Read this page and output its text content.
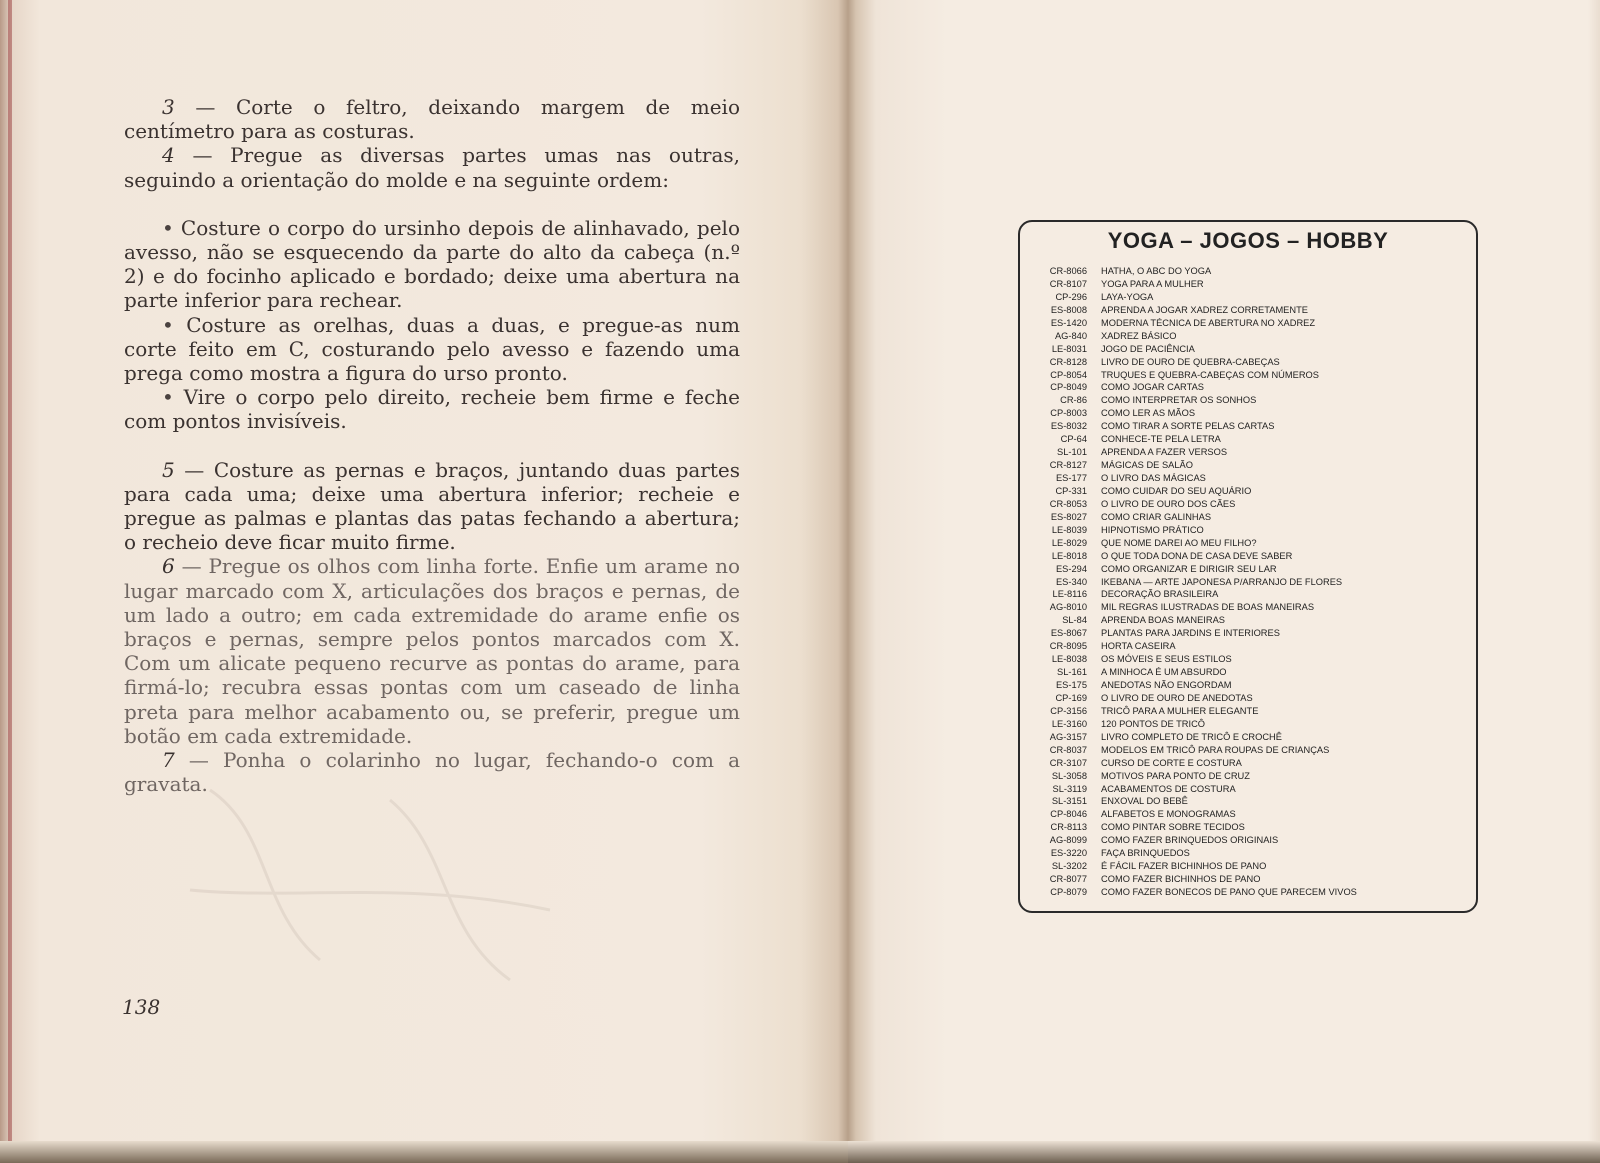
3 — Corte o feltro, deixando margem de meio centímetro para as costuras.

4 — Pregue as diversas partes umas nas outras, seguindo a orientação do molde e na seguinte ordem:

• Costure o corpo do ursinho depois de alinhavado, pelo avesso, não se esquecendo da parte do alto da cabeça (n.º 2) e do focinho aplicado e bordado; deixe uma abertura na parte inferior para rechear.

• Costure as orelhas, duas a duas, e pregue-as num corte feito em C, costurando pelo avesso e fazendo uma prega como mostra a figura do urso pronto.

• Vire o corpo pelo direito, recheie bem firme e feche com pontos invisíveis.

5 — Costure as pernas e braços, juntando duas partes para cada uma; deixe uma abertura inferior; recheie e pregue as palmas e plantas das patas fechando a abertura; o recheio deve ficar muito firme.

6 — Pregue os olhos com linha forte. Enfie um arame no lugar marcado com X, articulações dos braços e pernas, de um lado a outro; em cada extremidade do arame enfie os braços e pernas, sempre pelos pontos marcados com X. Com um alicate pequeno recurve as pontas do arame, para firmá-lo; recubra essas pontas com um caseado de linha preta para melhor acabamento ou, se preferir, pregue um botão em cada extremidade.

7 — Ponha o colarinho no lugar, fechando-o com a gravata.

138
YOGA – JOGOS – HOBBY
CR-8066 HATHA, O ABC DO YOGA
CR-8107 YOGA PARA A MULHER
CP-296 LAYA-YOGA
ES-8008 APRENDA A JOGAR XADREZ CORRETAMENTE
ES-1420 MODERNA TÉCNICA DE ABERTURA NO XADREZ
AG-840 XADREZ BÁSICO
LE-8031 JOGO DE PACIÊNCIA
CR-8128 LIVRO DE OURO DE QUEBRA-CABEÇAS
CP-8054 TRUQUES E QUEBRA-CABEÇAS COM NÚMEROS
CP-8049 COMO JOGAR CARTAS
CR-86 COMO INTERPRETAR OS SONHOS
CP-8003 COMO LER AS MÃOS
ES-8032 COMO TIRAR A SORTE PELAS CARTAS
CP-64 CONHECE-TE PELA LETRA
SL-101 APRENDA A FAZER VERSOS
CR-8127 MÁGICAS DE SALÃO
ES-177 O LIVRO DAS MÁGICAS
CP-331 COMO CUIDAR DO SEU AQUÁRIO
CR-8053 O LIVRO DE OURO DOS CÃES
ES-8027 COMO CRIAR GALINHAS
LE-8039 HIPNOTISMO PRÁTICO
LE-8029 QUE NOME DAREI AO MEU FILHO?
LE-8018 O QUE TODA DONA DE CASA DEVE SABER
ES-294 COMO ORGANIZAR E DIRIGIR SEU LAR
ES-340 IKEBANA — ARTE JAPONESA P/ARRANJO DE FLORES
LE-8116 DECORAÇÃO BRASILEIRA
AG-8010 MIL REGRAS ILUSTRADAS DE BOAS MANEIRAS
SL-84 APRENDA BOAS MANEIRAS
ES-8067 PLANTAS PARA JARDINS E INTERIORES
CR-8095 HORTA CASEIRA
LE-8038 OS MÓVEIS E SEUS ESTILOS
SL-161 A MINHOCA É UM ABSURDO
ES-175 ANEDOTAS NÃO ENGORDAM
CP-169 O LIVRO DE OURO DE ANEDOTAS
CP-3156 TRICÔ PARA A MULHER ELEGANTE
LE-3160 120 PONTOS DE TRICÔ
AG-3157 LIVRO COMPLETO DE TRICÔ E CROCHÊ
CR-8037 MODELOS EM TRICÔ PARA ROUPAS DE CRIANÇAS
CR-3107 CURSO DE CORTE E COSTURA
SL-3058 MOTIVOS PARA PONTO DE CRUZ
SL-3119 ACABAMENTOS DE COSTURA
SL-3151 ENXOVAL DO BEBÊ
CP-8046 ALFABETOS E MONOGRAMAS
CR-8113 COMO PINTAR SOBRE TECIDOS
AG-8099 COMO FAZER BRINQUEDOS ORIGINAIS
ES-3220 FAÇA BRINQUEDOS
SL-3202 É FÁCIL FAZER BICHINHOS DE PANO
CR-8077 COMO FAZER BICHINHOS DE PANO
CP-8079 COMO FAZER BONECOS DE PANO QUE PARECEM VIVOS
